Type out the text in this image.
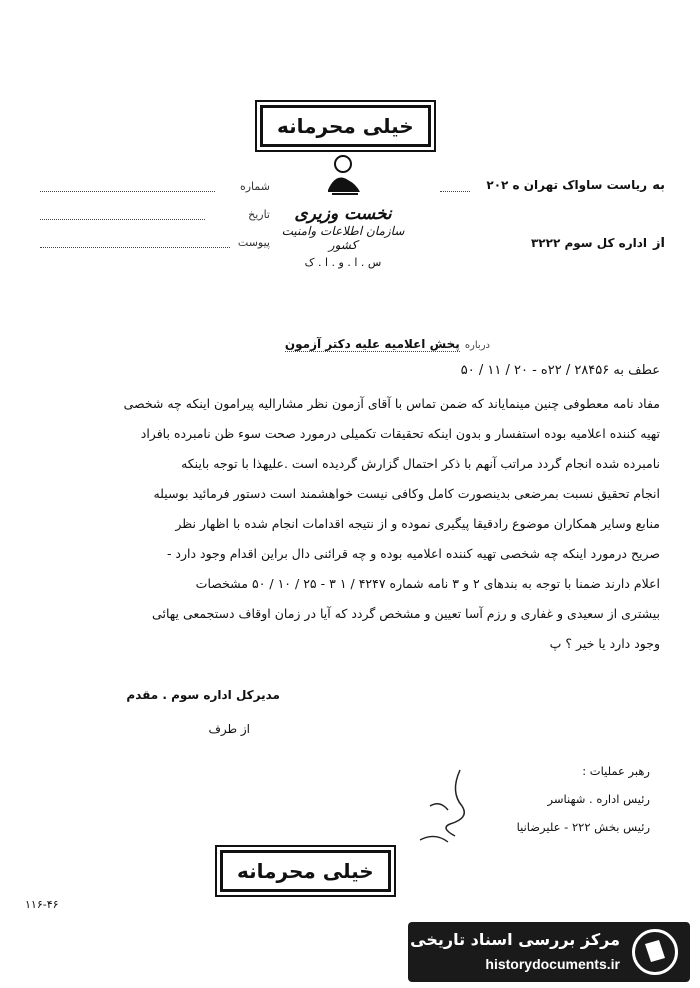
خیلی محرمانه
شماره
تاریخ
پیوست
نخست وزیری
سازمان اطلاعات وامنیت کشور
س . ا . و . ا . ک
به
ریاست ساواک تهران ه ۲۰۲
از
اداره کل سوم ۳۲۲۲
درباره پخش اعلامیه علیه دکتر آزمون
عطف به ۲۸۴۵۶ / ۲۲ه - ۲۰ / ۱۱ / ۵۰
مفاد نامه معطوفی چنین مینمایاند که ضمن تماس با آقای آزمون نظر مشارالیه پیرامون اینکه چه شخصی
تهیه کننده اعلامیه بوده استفسار و بدون اینکه تحقیقات تکمیلی درمورد صحت سوء ظن نامبرده بافراد
نامبرده شده انجام گردد مراتب آنهم با ذکر احتمال گزارش گردیده است .علیهذا با توجه باینکه
انجام تحقیق نسبت بمرضعی بدینصورت کامل وکافی نیست خواهشمند است دستور فرمائید بوسیله
منابع وسایر همکاران موضوع رادقیقا پیگیری نموده و از نتیجه اقدامات انجام شده با اظهار نظر
صریح درمورد اینکه چه شخصی تهیه کننده اعلامیه بوده و چه قرائنی دال براین اقدام وجود دارد -
اعلام دارند ضمنا با توجه به بندهای ۲ و ۳ نامه شماره ۴۲۴۷ / ۱ ۳ - ۲۵ / ۱۰ / ۵۰ مشخصات
بیشتری از سعیدی و غفاری و رزم آسا تعیین و مشخص گردد که آیا در زمان اوقاف دستجمعی یهائی
وجود دارد یا خیر ؟ پ
مدیرکل اداره سوم . مقدم
از طرف
رهبر عملیات :
رئیس اداره . شهناسر
رئیس بخش ۲۲۲ - علیرضانیا
خیلی محرمانه
۱۱۶-۴۶
مرکز بررسی اسناد تاریخی
historydocuments.ir
